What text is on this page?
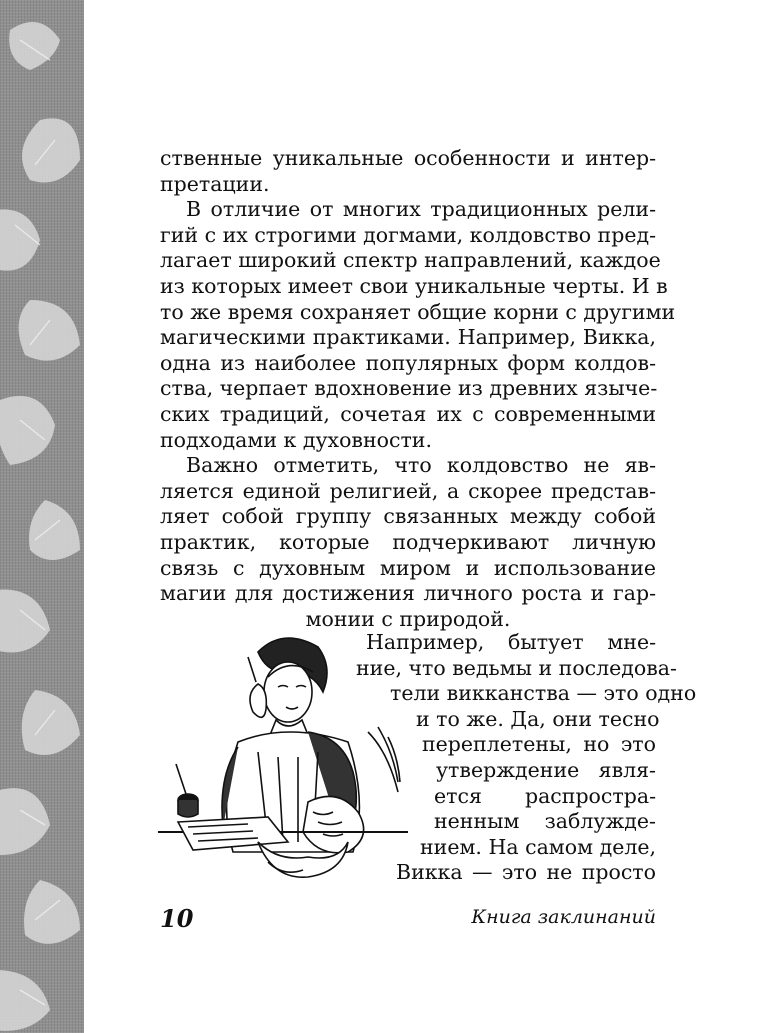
ственные уникальные особенности и интер-
претации.
В отличие от многих традиционных рели-
гий с их строгими догмами, колдовство пред-
лагает широкий спектр направлений, каждое
из которых имеет свои уникальные черты. И в
то же время сохраняет общие корни с другими
магическими практиками. Например, Викка,
одна из наиболее популярных форм колдов-
ства, черпает вдохновение из древних языче-
ских традиций, сочетая их с современными
подходами к духовности.
Важно отметить, что колдовство не яв-
ляется единой религией, а скорее представ-
ляет собой группу связанных между собой
практик, которые подчеркивают личную
связь с духовным миром и использование
магии для достижения личного роста и гар-
монии с природой.
Например, бытует мне-
ние, что ведьмы и последова-
тели викканства — это одно
и то же. Да, они тесно
переплетены, но это
утверждение явля-
ется распростра-
ненным заблужде-
нием. На самом деле,
Викка — это не просто
10	Книга заклинаний
